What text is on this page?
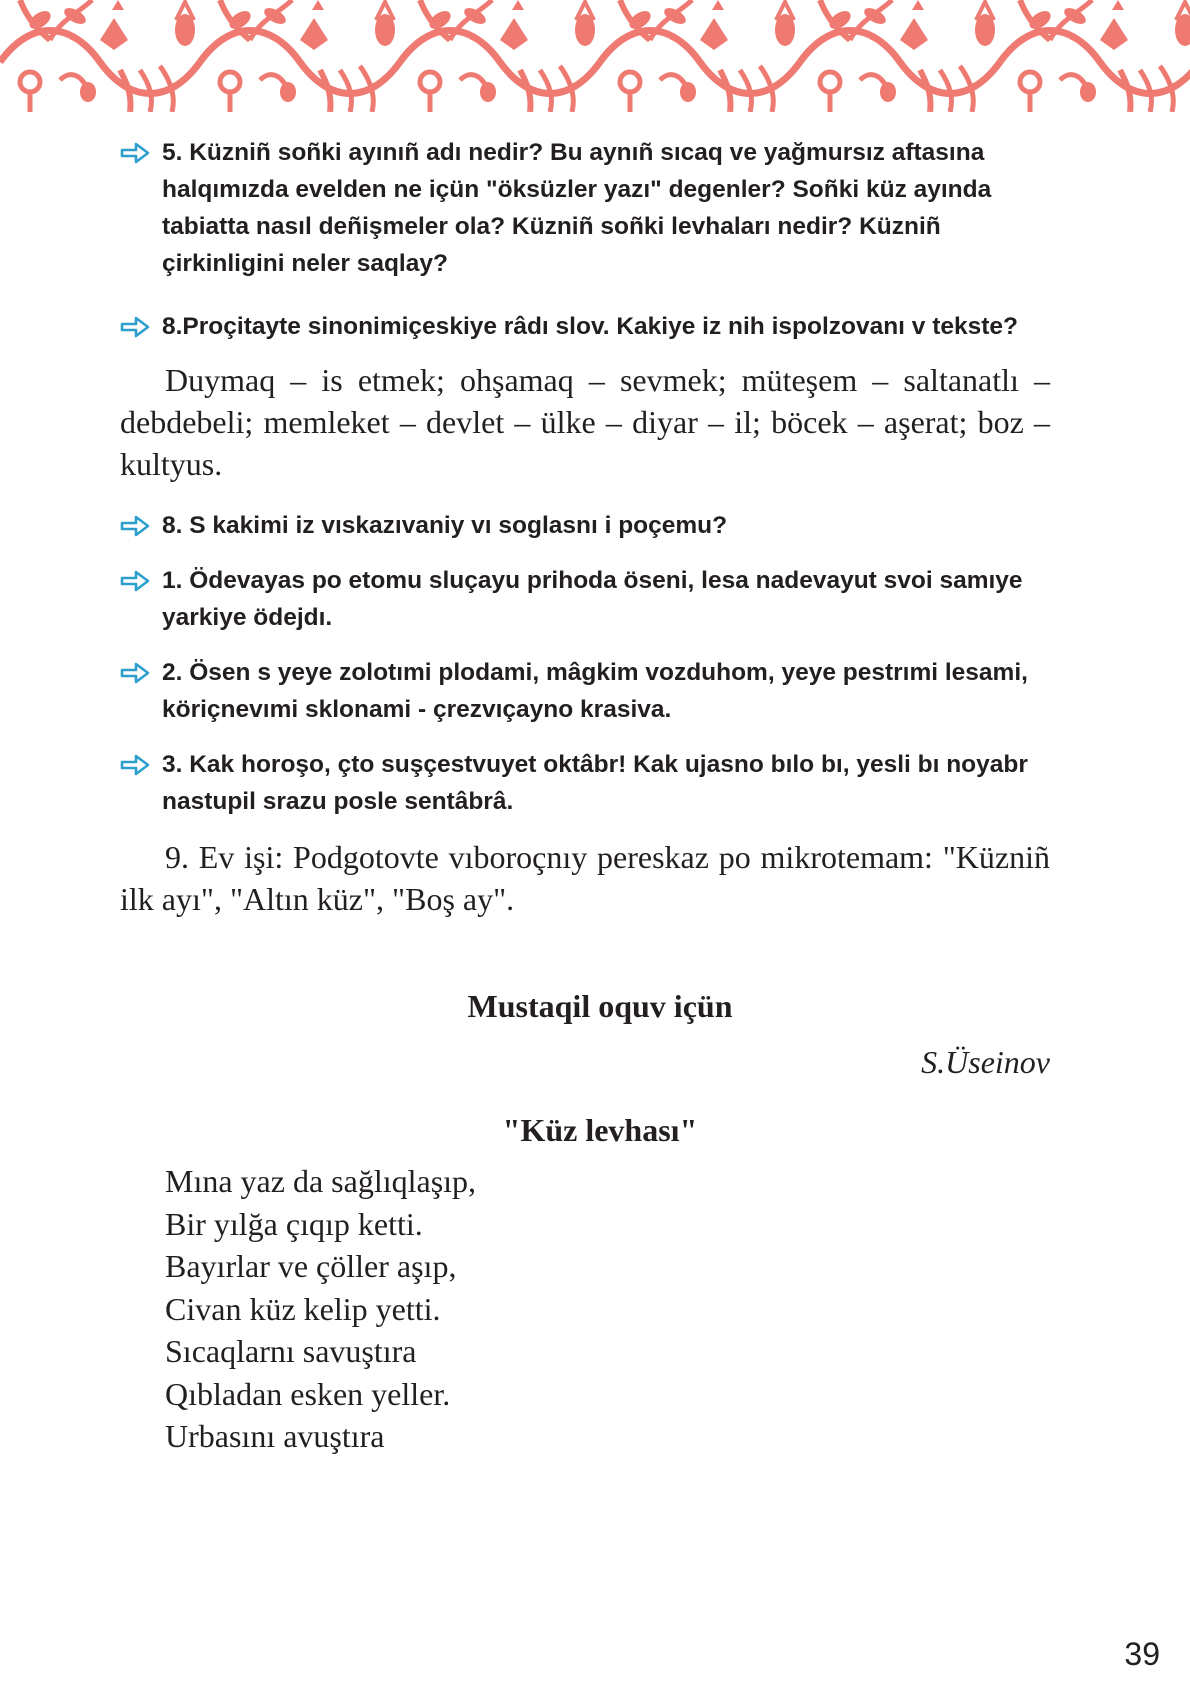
5. Küzniñ soñki ayınıñ adı nedir? Bu aynıñ sıcaq ve yağmursız aftasına halqımızda evelden ne içün "öksüzler yazı" degenler? Soñki küz ayında tabiatta nasıl deñişmeler ola? Küzniñ soñki levhaları nedir? Küzniñ çirkinligini neler saqlay?
8.Proçitayte sinonimiçeskiye râdı slov. Kakiye iz nih ispolzovanı v tekste?

Duymaq – is etmek; ohşamaq – sevmek; müteşem – saltanatlı – debdebeli; memleket – devlet – ülke – diyar – il; böcek – aşerat; boz – kultyus.

8. S kakimi iz vıskazıvaniy vı soglasnı i poçemu?
1. Ödevayas po etomu sluçayu prihoda öseni, lesa nadevayut svoi samıye yarkiye ödejdı.
2. Ösen s yeye zolotımi plodami, mâgkim vozduhom, yeye pestrımi lesami, köriçnevımi sklonami - çrezvıçayno krasiva.
3. Kak horoşo, çto suşçestvuyet oktâbr! Kak ujasno bılo bı, yesli bı noyabr nastupil srazu posle sentâbrâ.

9. Ev işi: Podgotovte vıboroçnıy pereskaz po mikrotemam: "Küzniñ ilk ayı", "Altın küz", "Boş ay".

Mustaqil oquv içün
S.Üseinov
"Küz levhası"
Mına yaz da sağlıqlaşıp,
Bir yılğa çıqıp ketti.
Bayırlar ve çöller aşıp,
Civan küz kelip yetti.
Sıcaqlarnı savuştıra
Qıbladan esken yeller.
Urbasını avuştıra
39
